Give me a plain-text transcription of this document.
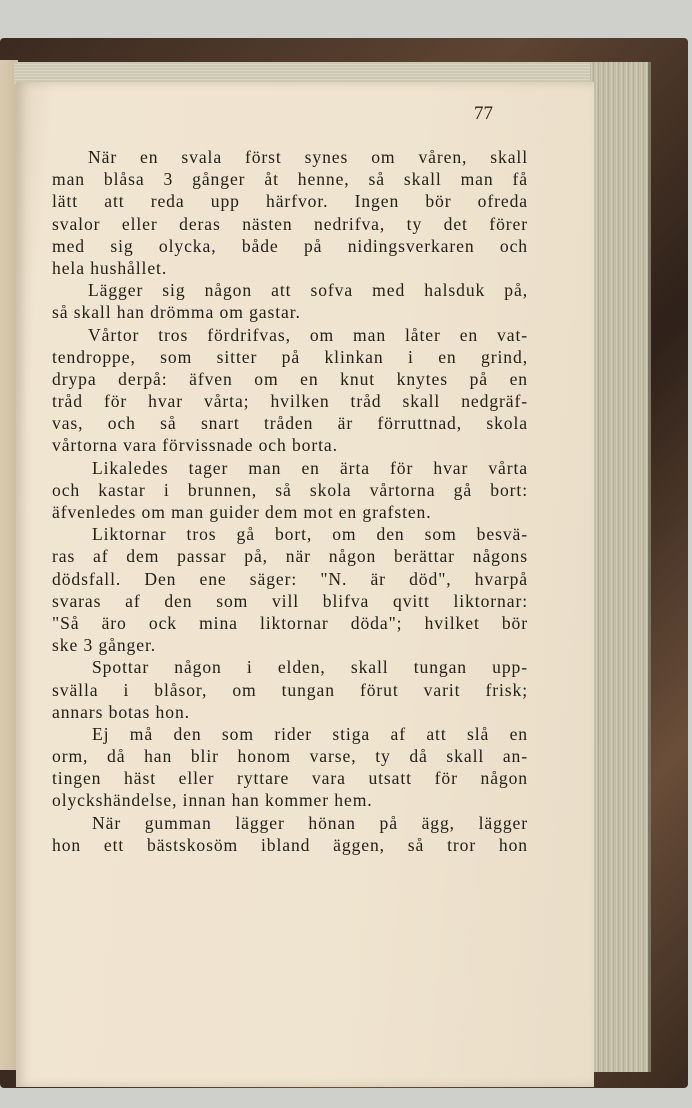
77
När en svala först synes om våren, skall
man blåsa 3 gånger åt henne, så skall man få
lätt att reda upp härfvor. Ingen bör ofreda
svalor eller deras nästen nedrifva, ty det förer
med sig olycka, både på nidingsverkaren och
hela hushållet.
Lägger sig någon att sofva med halsduk på,
så skall han drömma om gastar.
Vårtor tros fördrifvas, om man låter en vat-
tendroppe, som sitter på klinkan i en grind,
drypa derpå: äfven om en knut knytes på en
tråd för hvar vårta; hvilken tråd skall nedgräf-
vas, och så snart tråden är förruttnad, skola
vårtorna vara förvissnade och borta.
Likaledes tager man en ärta för hvar vårta
och kastar i brunnen, så skola vårtorna gå bort:
äfvenledes om man guider dem mot en grafsten.
Liktornar tros gå bort, om den som besvä-
ras af dem passar på, när någon berättar någons
dödsfall. Den ene säger: "N. är död", hvarpå
svaras af den som vill blifva qvitt liktornar:
"Så äro ock mina liktornar döda"; hvilket bör
ske 3 gånger.
Spottar någon i elden, skall tungan upp-
svälla i blåsor, om tungan förut varit frisk;
annars botas hon.
Ej må den som rider stiga af att slå en
orm, då han blir honom varse, ty då skall an-
tingen häst eller ryttare vara utsatt för någon
olyckshändelse, innan han kommer hem.
När gumman lägger hönan på ägg, lägger
hon ett bästskosöm ibland äggen, så tror hon
